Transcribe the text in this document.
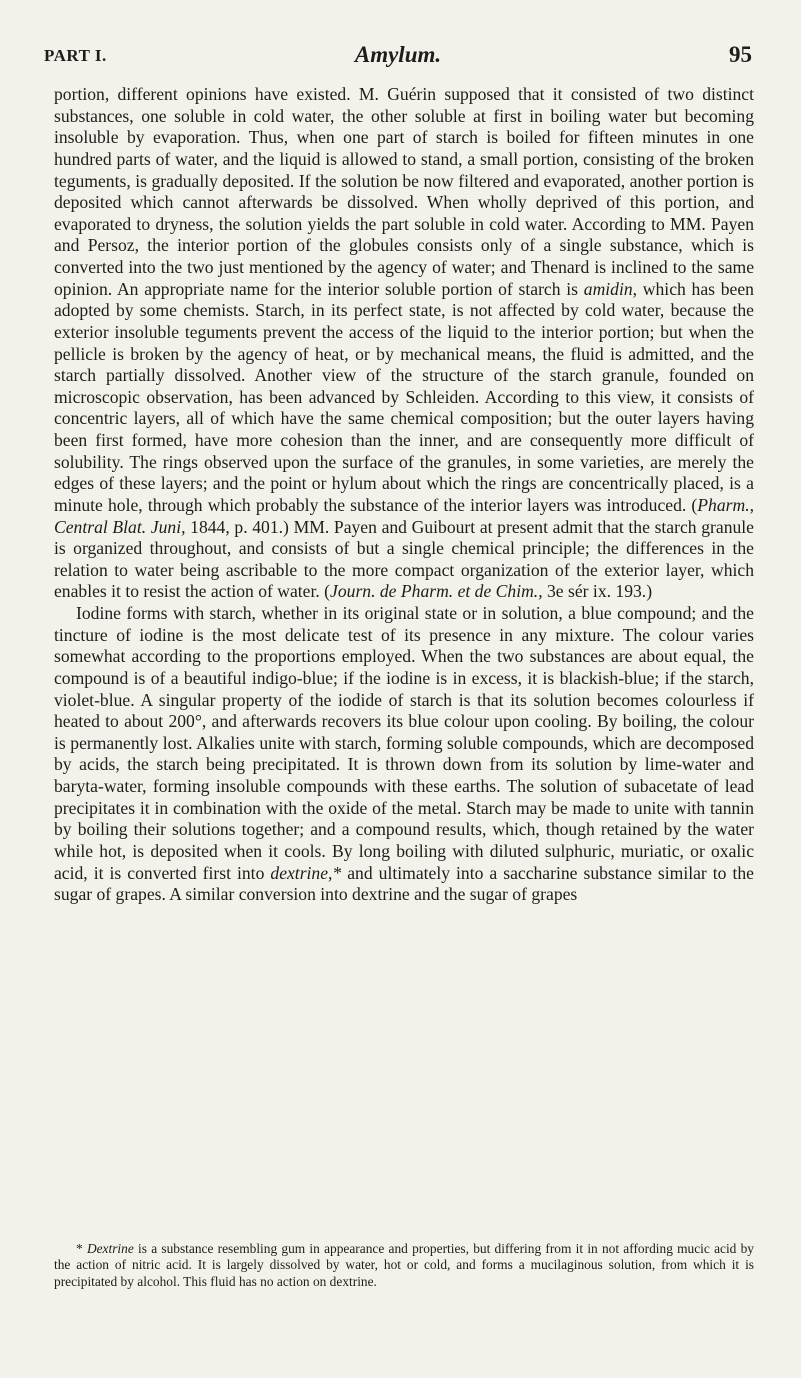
PART I.	Amylum.	95

portion, different opinions have existed. M. Guérin supposed that it consisted of two distinct substances, one soluble in cold water, the other soluble at first in boiling water but becoming insoluble by evaporation. Thus, when one part of starch is boiled for fifteen minutes in one hundred parts of water, and the liquid is allowed to stand, a small portion, consisting of the broken teguments, is gradually deposited. If the solution be now filtered and evaporated, another portion is deposited which cannot afterwards be dissolved. When wholly deprived of this portion, and evaporated to dryness, the solution yields the part soluble in cold water. According to MM. Payen and Persoz, the interior portion of the globules consists only of a single substance, which is converted into the two just mentioned by the agency of water; and Thenard is inclined to the same opinion. An appropriate name for the interior soluble portion of starch is amidin, which has been adopted by some chemists. Starch, in its perfect state, is not affected by cold water, because the exterior insoluble teguments prevent the access of the liquid to the interior portion; but when the pellicle is broken by the agency of heat, or by mechanical means, the fluid is admitted, and the starch partially dissolved. Another view of the structure of the starch granule, founded on microscopic observation, has been advanced by Schleiden. According to this view, it consists of concentric layers, all of which have the same chemical composition; but the outer layers having been first formed, have more cohesion than the inner, and are consequently more difficult of solubility. The rings observed upon the surface of the granules, in some varieties, are merely the edges of these layers; and the point or hylum about which the rings are concentrically placed, is a minute hole, through which probably the substance of the interior layers was introduced. (Pharm., Central Blat. Juni, 1844, p. 401.) MM. Payen and Guibourt at present admit that the starch granule is organized throughout, and consists of but a single chemical principle; the differences in the relation to water being ascribable to the more compact organization of the exterior layer, which enables it to resist the action of water. (Journ. de Pharm. et de Chim., 3e sér ix. 193.)

Iodine forms with starch, whether in its original state or in solution, a blue compound; and the tincture of iodine is the most delicate test of its presence in any mixture. The colour varies somewhat according to the proportions employed. When the two substances are about equal, the compound is of a beautiful indigo-blue; if the iodine is in excess, it is blackish-blue; if the starch, violet-blue. A singular property of the iodide of starch is that its solution becomes colourless if heated to about 200°, and afterwards recovers its blue colour upon cooling. By boiling, the colour is permanently lost. Alkalies unite with starch, forming soluble compounds, which are decomposed by acids, the starch being precipitated. It is thrown down from its solution by lime-water and baryta-water, forming insoluble compounds with these earths. The solution of subacetate of lead precipitates it in combination with the oxide of the metal. Starch may be made to unite with tannin by boiling their solutions together; and a compound results, which, though retained by the water while hot, is deposited when it cools. By long boiling with diluted sulphuric, muriatic, or oxalic acid, it is converted first into dextrine,* and ultimately into a saccharine substance similar to the sugar of grapes. A similar conversion into dextrine and the sugar of grapes

* Dextrine is a substance resembling gum in appearance and properties, but differing from it in not affording mucic acid by the action of nitric acid. It is largely dissolved by water, hot or cold, and forms a mucilaginous solution, from which it is precipitated by alcohol. This fluid has no action on dextrine.
